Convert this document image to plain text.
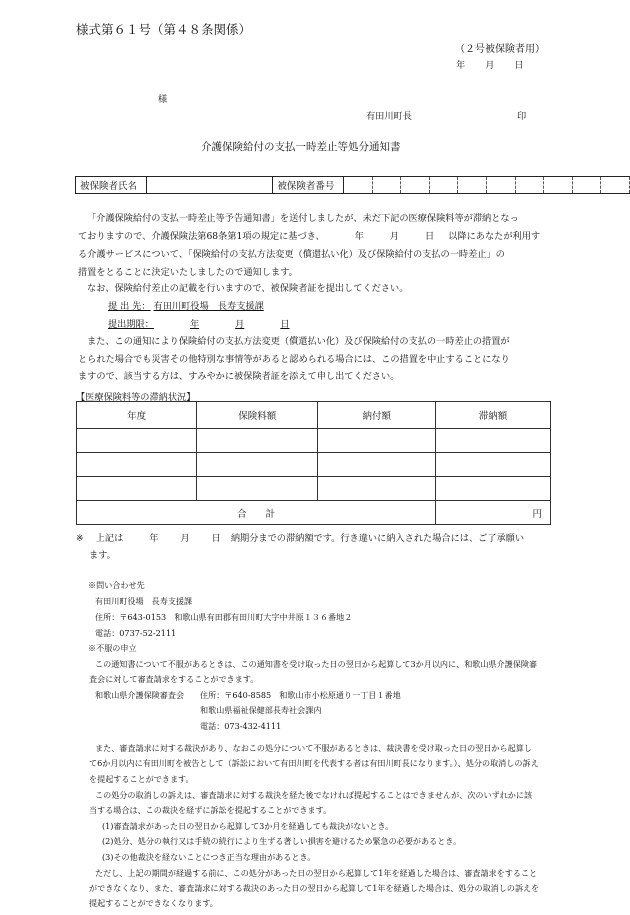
様式第６１号（第４８条関係）
（２号被保険者用）
年 月 日
様
有田川町長	印
介護保険給付の支払一時差止等処分通知書
被保険者氏名		被保険者番号										
「介護保険給付の支払一時差止等予告通知書」を送付しましたが、未だ下記の医療保険料等が滞納となっ
ておりますので、介護保険法第68条第1項の規定に基づき、	年	月	日 以降にあなたが利用す
る介護サービスについて、「保険給付の支払方法変更（償還払い化）及び保険給付の支払の一時差止」の
措置をとることに決定いたしましたので通知します。
なお、保険給付差止の記載を行いますので、被保険者証を提出してください。
提 出 先： 有田川町役場　長寿支援課
提出期限：	年	月	日
また、この通知により保険給付の支払方法変更（償還払い化）及び保険給付の支払の一時差止の措置が
とられた場合でも災害その他特別な事情等があると認められる場合には、この措置を中止することになり
ますので、該当する方は、すみやかに被保険者証を添えて申し出てください。
【医療保険料等の滞納状況】
年度	保険料額	納付額	滞納額

合　　計			円
※ 上記は	年 月 日 納期分までの滞納額です。行き違いに納入された場合には、ご了承願い
ます。
※問い合わせ先
有田川町役場　長寿支援課
住所：〒643-0153　和歌山県有田郡有田川町大字中井原１３６番地２
電話：0737-52-2111
※不服の申立
この通知書について不服があるときは、この通知書を受け取った日の翌日から起算して3か月以内に、和歌山県介護保険審
査会に対して審査請求をすることができます。
和歌山県介護保険審査会 住所：〒640-8585　和歌山市小松原通り一丁目１番地
和歌山県福祉保健部長寿社会課内
電話：073-432-4111
また、審査請求に対する裁決があり、なおこの処分について不服があるときは、裁決書を受け取った日の翌日から起算し
て6か月以内に有田川町を被告として（訴訟において有田川町を代表する者は有田川町長になります。）、処分の取消しの訴え
を提起することができます。
この処分の取消しの訴えは、審査請求に対する裁決を経た後でなければ提起することはできませんが、次のいずれかに該
当する場合は、この裁決を経ずに訴訟を提起することができます。
(1)審査請求があった日の翌日から起算して3か月を経過しても裁決がないとき。
(2)処分、処分の執行又は手続の続行により生ずる著しい損害を避けるため緊急の必要があるとき。
(3)その他裁決を経ないことにつき正当な理由があるとき。
ただし、上記の期間が経過する前に、この処分があった日の翌日から起算して1年を経過した場合は、審査請求をすること
ができなくなり、また、審査請求に対する裁決のあった日の翌日から起算して1年を経過した場合は、処分の取消しの訴えを
提起することができなくなります。
